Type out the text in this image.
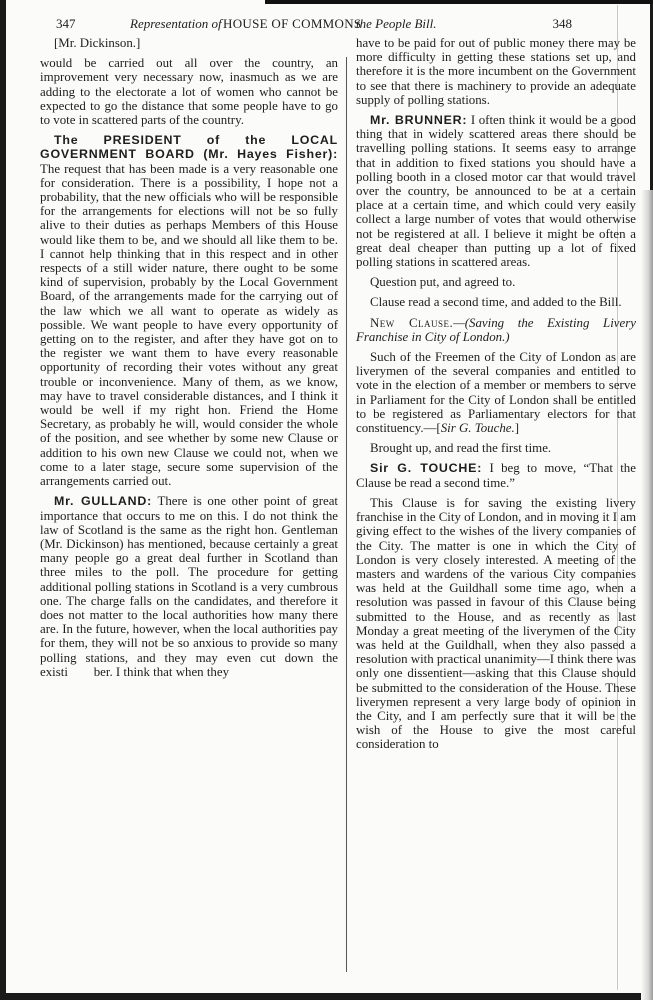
347	Representation of HOUSE OF COMMONS
the People Bill.	348

[Mr. Dickinson.]

would be carried out all over the country, an improvement very necessary now, inasmuch as we are adding to the electorate a lot of women who cannot be expected to go the distance that some people have to go to vote in scattered parts of the country.

The PRESIDENT of the LOCAL GOVERNMENT BOARD (Mr. Hayes Fisher): The request that has been made is a very reasonable one for consideration. There is a possibility, I hope not a probability, that the new officials who will be responsible for the arrangements for elections will not be so fully alive to their duties as perhaps Members of this House would like them to be, and we should all like them to be. I cannot help thinking that in this respect and in other respects of a still wider nature, there ought to be some kind of supervision, probably by the Local Government Board, of the arrangements made for the carrying out of the law which we all want to operate as widely as possible. We want people to have every opportunity of getting on to the register, and after they have got on to the register we want them to have every reasonable opportunity of recording their votes without any great trouble or inconvenience. Many of them, as we know, may have to travel considerable distances, and I think it would be well if my right hon. Friend the Home Secretary, as probably he will, would consider the whole of the position, and see whether by some new Clause or addition to his own new Clause we could not, when we come to a later stage, secure some supervision of the arrangements carried out.

Mr. GULLAND: There is one other point of great importance that occurs to me on this. I do not think the law of Scotland is the same as the right hon. Gentleman (Mr. Dickinson) has mentioned, because certainly a great many people go a great deal further in Scotland than three miles to the poll. The procedure for getting additional polling stations in Scotland is a very cumbrous one. The charge falls on the candidates, and therefore it does not matter to the local authorities how many there are. In the future, however, when the local authorities pay for them, they will not be so anxious to provide so many polling stations, and they may even cut down the existi        ber. I think that when they

have to be paid for out of public money there may be more difficulty in getting these stations set up, and therefore it is the more incumbent on the Government to see that there is machinery to provide an adequate supply of polling stations.

Mr. BRUNNER: I often think it would be a good thing that in widely scattered areas there should be travelling polling stations. It seems easy to arrange that in addition to fixed stations you should have a polling booth in a closed motor car that would travel over the country, be announced to be at a certain place at a certain time, and which could very easily collect a large number of votes that would otherwise not be registered at all. I believe it might be often a great deal cheaper than putting up a lot of fixed polling stations in scattered areas.

Question put, and agreed to.

Clause read a second time, and added to the Bill.

New Clause.—(Saving the Existing Livery Franchise in City of London.)

Such of the Freemen of the City of London as are liverymen of the several companies and entitled to vote in the election of a member or members to serve in Parliament for the City of London shall be entitled to be registered as Parliamentary electors for that constituency.—[Sir G. Touche.]

Brought up, and read the first time.

Sir G. TOUCHE: I beg to move, “That the Clause be read a second time.”

This Clause is for saving the existing livery franchise in the City of London, and in moving it I am giving effect to the wishes of the livery companies of the City. The matter is one in which the City of London is very closely interested. A meeting of the masters and wardens of the various City companies was held at the Guildhall some time ago, when a resolution was passed in favour of this Clause being submitted to the House, and as recently as last Monday a great meeting of the liverymen of the City was held at the Guildhall, when they also passed a resolution with practical unanimity—I think there was only one dissentient—asking that this Clause should be submitted to the consideration of the House. These liverymen represent a very large body of opinion in the City, and I am perfectly sure that it will be the wish of the House to give the most careful consideration to
